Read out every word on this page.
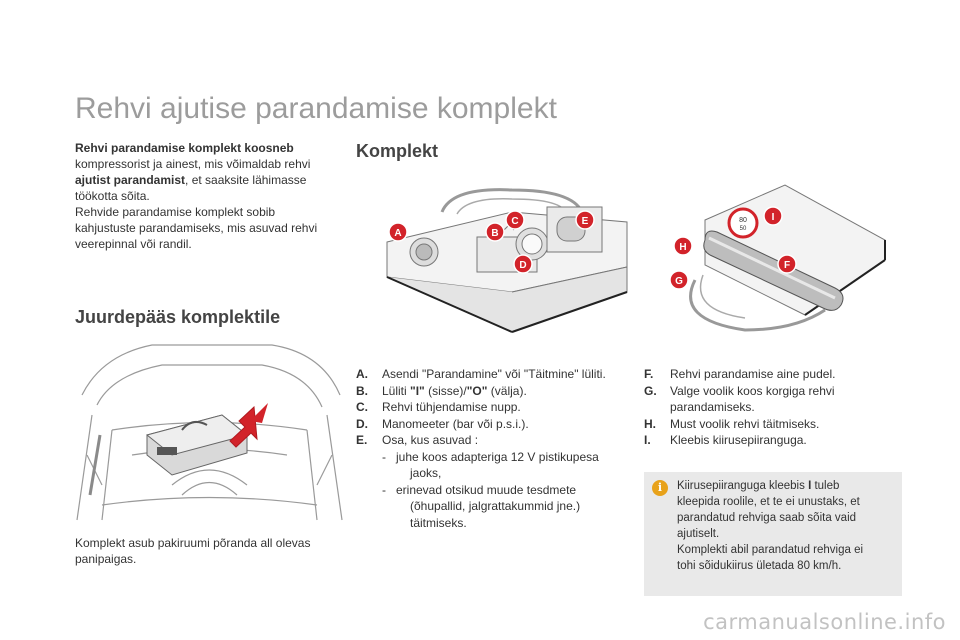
Rehvi ajutise parandamise komplekt
Rehvi parandamise komplekt koosneb
kompressorist ja ainest, mis võimaldab rehvi
ajutist parandamist, et saaksite lähimasse
töökotta sõita.
Rehvide parandamise komplekt sobib
kahjustuste parandamiseks, mis asuvad rehvi
veerepinnal või randil.
Juurdepääs komplektile
Komplekt asub pakiruumi põranda all olevas
panipaigas.
Komplekt
A	B
C
D
E	80
50
I
H
G
F
A.	Asendi "Parandamine" või "Täitmine" lüliti.
B.	Lüliti "I" (sisse)/"O" (välja).
C.	Rehvi tühjendamise nupp.
D.	Manomeeter (bar või p.s.i.).
E.	Osa, kus asuvad :
- juhe koos adapteriga 12 V pistikupesa
jaoks,
- erinevad otsikud muude tesdmete
(õhupallid, jalgrattakummid jne.)
täitmiseks.
F.	Rehvi parandamise aine pudel.
G.	Valge voolik koos korgiga rehvi
parandamiseks.
H.	Must voolik rehvi täitmiseks.
I.	Kleebis kiirusepiiranguga.
i	Kiirusepiiranguga kleebis I tuleb
kleepida roolile, et te ei unustaks, et
parandatud rehviga saab sõita vaid
ajutiselt.
Komplekti abil parandatud rehviga ei
tohi sõidukiirus ületada 80 km/h.
carmanualsonline.info
